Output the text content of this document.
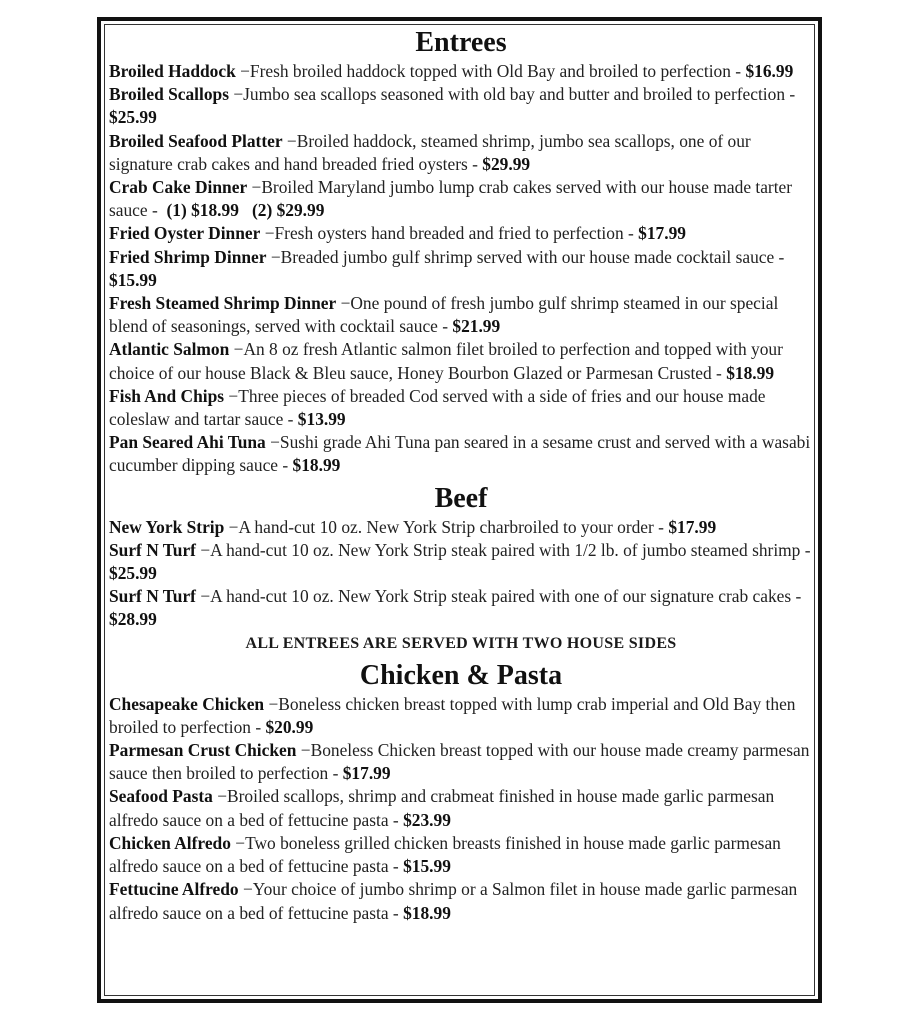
Entrees

Broiled Haddock −Fresh broiled haddock topped with Old Bay and broiled to perfection - $16.99

Broiled Scallops −Jumbo sea scallops seasoned with old bay and butter and broiled to perfection - $25.99

Broiled Seafood Platter −Broiled haddock, steamed shrimp, jumbo sea scallops, one of our signature crab cakes and hand breaded fried oysters - $29.99

Crab Cake Dinner −Broiled Maryland jumbo lump crab cakes served with our house made tarter sauce -  (1) $18.99   (2) $29.99

Fried Oyster Dinner −Fresh oysters hand breaded and fried to perfection - $17.99

Fried Shrimp Dinner −Breaded jumbo gulf shrimp served with our house made cocktail sauce - $15.99

Fresh Steamed Shrimp Dinner −One pound of fresh jumbo gulf shrimp steamed in our special blend of seasonings, served with cocktail sauce - $21.99

Atlantic Salmon −An 8 oz fresh Atlantic salmon filet broiled to perfection and topped with your choice of our house Black & Bleu sauce, Honey Bourbon Glazed or Parmesan Crusted - $18.99

Fish And Chips −Three pieces of breaded Cod served with a side of fries and our house made coleslaw and tartar sauce - $13.99

Pan Seared Ahi Tuna −Sushi grade Ahi Tuna pan seared in a sesame crust and served with a wasabi cucumber dipping sauce - $18.99

Beef

New York Strip −A hand-cut 10 oz. New York Strip charbroiled to your order - $17.99

Surf N Turf −A hand-cut 10 oz. New York Strip steak paired with 1/2 lb. of jumbo steamed shrimp - $25.99

Surf N Turf −A hand-cut 10 oz. New York Strip steak paired with one of our signature crab cakes - $28.99

ALL ENTREES ARE SERVED WITH TWO HOUSE SIDES
Chicken & Pasta

Chesapeake Chicken −Boneless chicken breast topped with lump crab imperial and Old Bay then broiled to perfection - $20.99

Parmesan Crust Chicken −Boneless Chicken breast topped with our house made creamy parmesan sauce then broiled to perfection - $17.99

Seafood Pasta −Broiled scallops, shrimp and crabmeat finished in house made garlic parmesan alfredo sauce on a bed of fettucine pasta - $23.99

Chicken Alfredo −Two boneless grilled chicken breasts finished in house made garlic parmesan alfredo sauce on a bed of fettucine pasta - $15.99

Fettucine Alfredo −Your choice of jumbo shrimp or a Salmon filet in house made garlic parmesan alfredo sauce on a bed of fettucine pasta - $18.99
